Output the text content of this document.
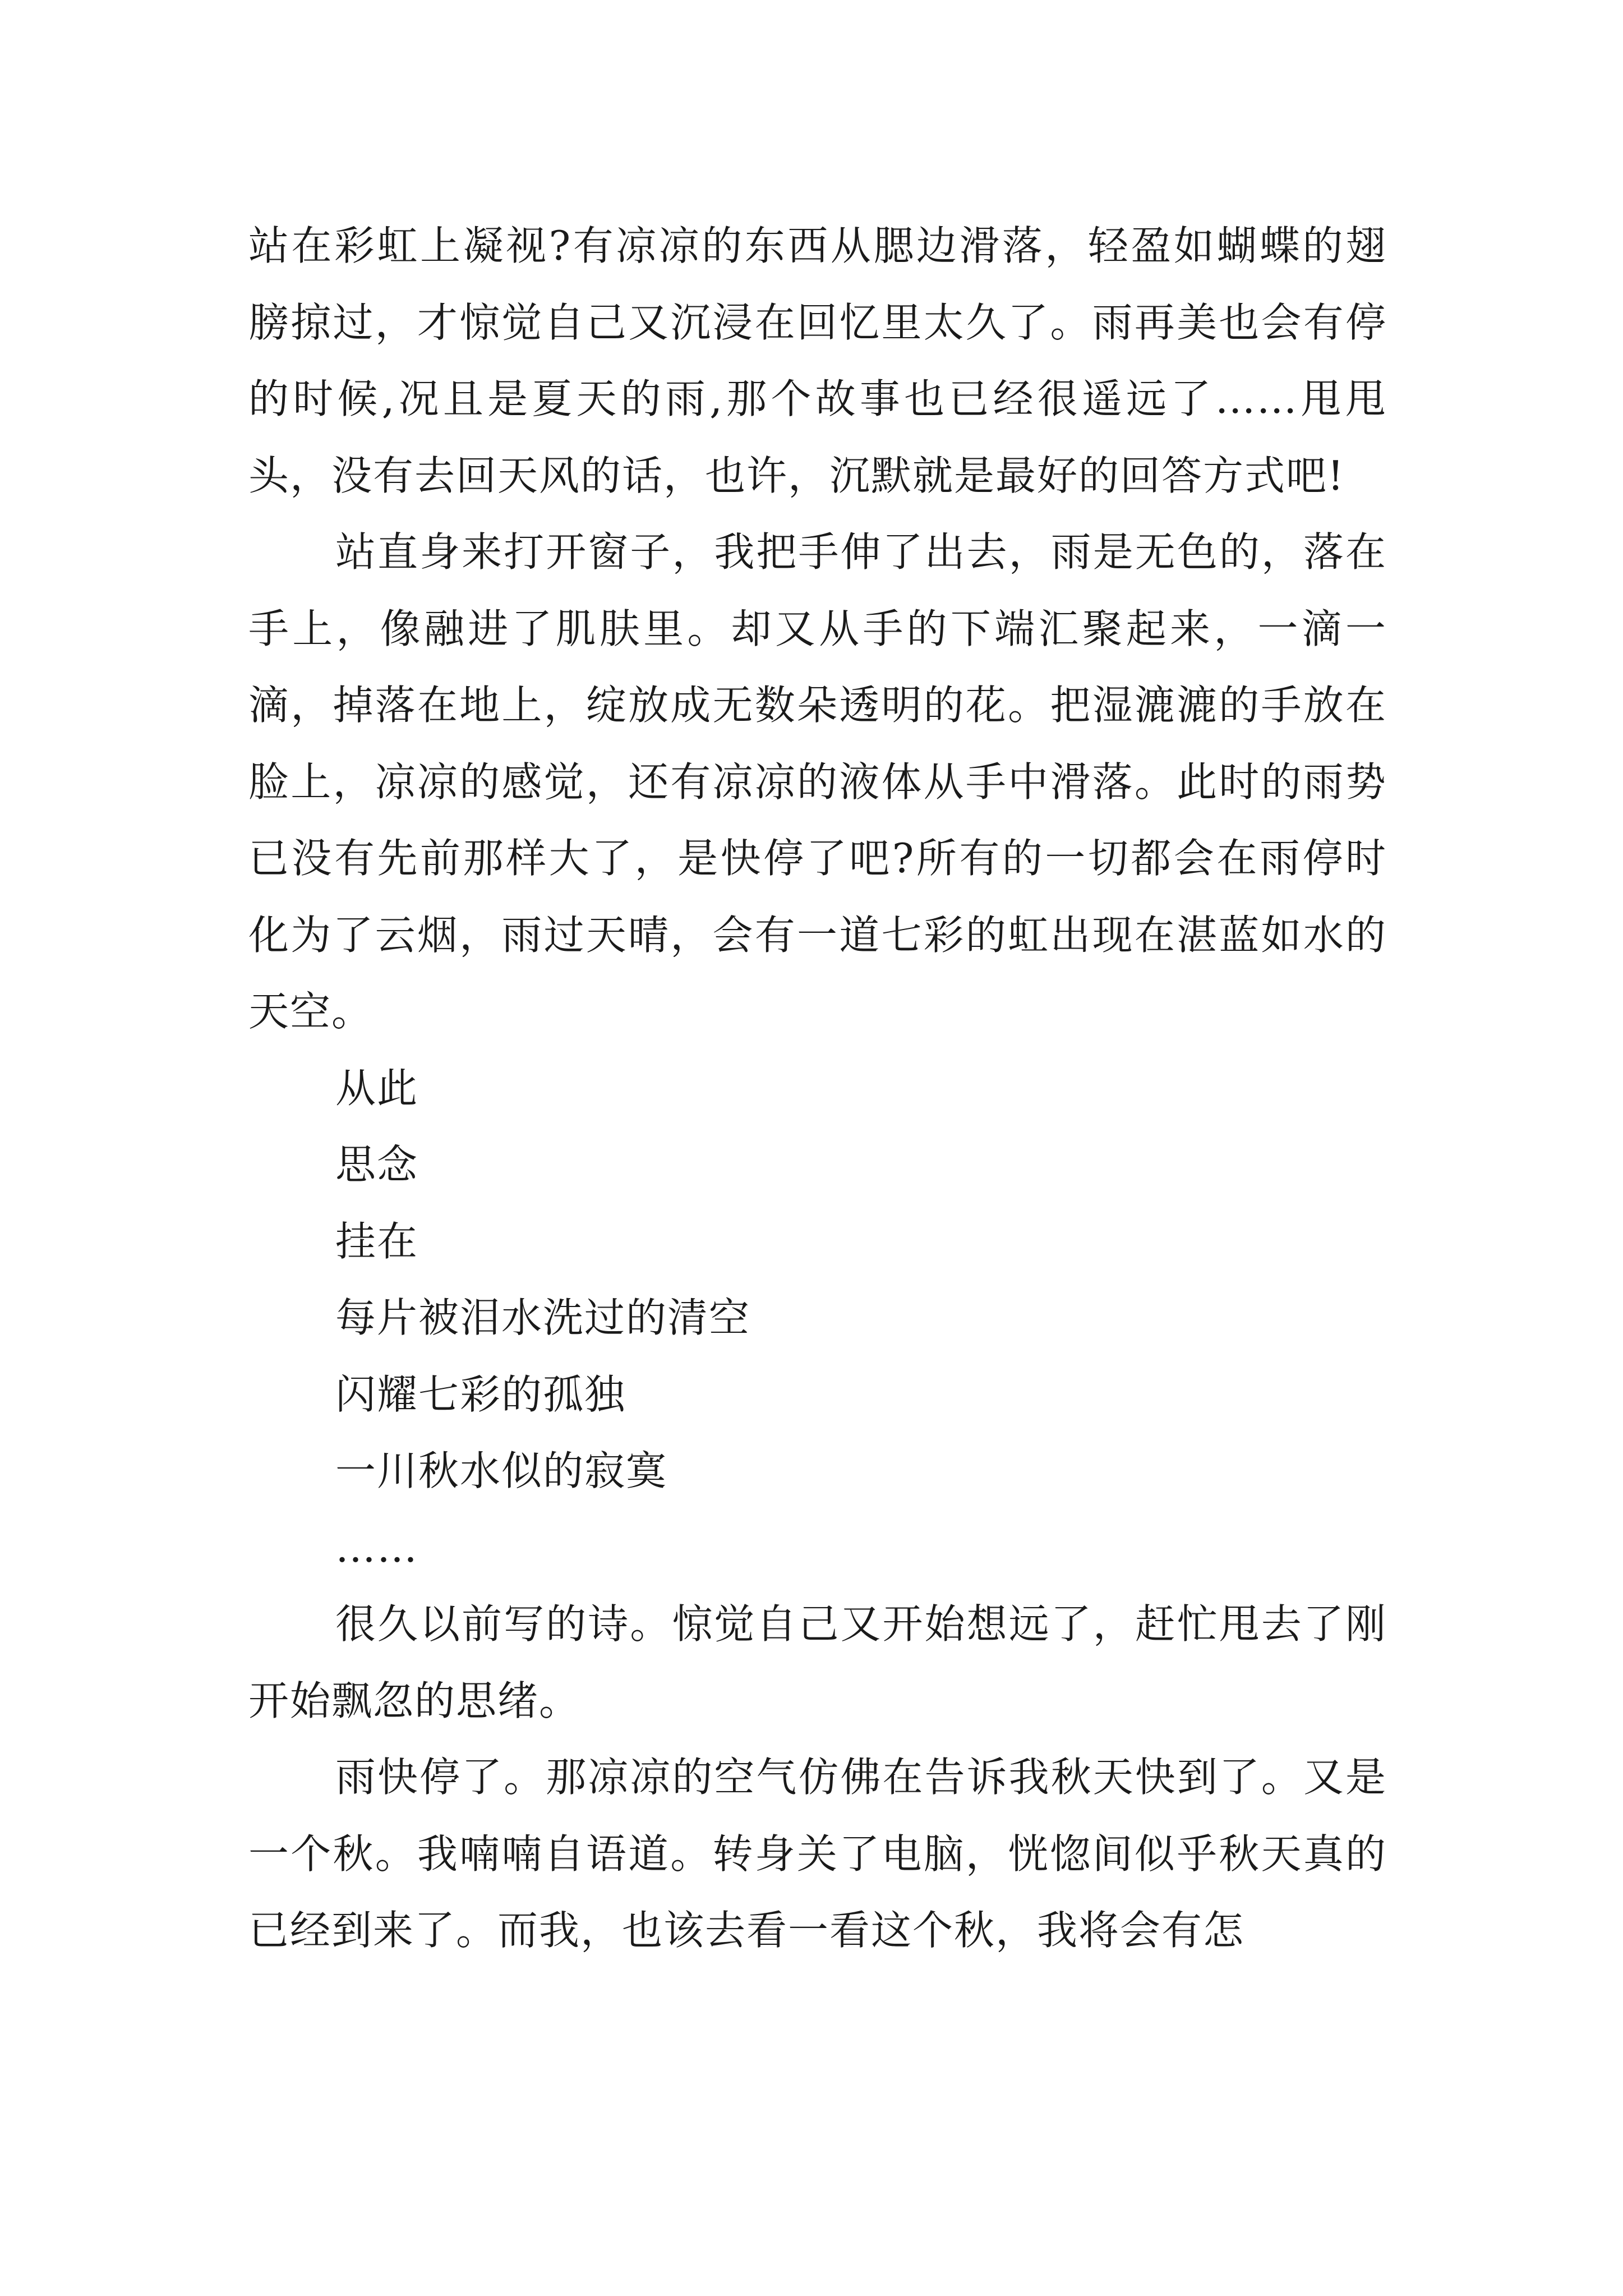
站在彩虹上凝视?有凉凉的东西从腮边滑落，轻盈如蝴蝶的翅膀掠过，才惊觉自己又沉浸在回忆里太久了。雨再美也会有停的时候,况且是夏天的雨,那个故事也已经很遥远了……甩甩头，没有去回天风的话，也许，沉默就是最好的回答方式吧!

站直身来打开窗子，我把手伸了出去，雨是无色的，落在手上，像融进了肌肤里。却又从手的下端汇聚起来，一滴一滴，掉落在地上，绽放成无数朵透明的花。把湿漉漉的手放在脸上，凉凉的感觉，还有凉凉的液体从手中滑落。此时的雨势已没有先前那样大了，是快停了吧?所有的一切都会在雨停时化为了云烟，雨过天晴，会有一道七彩的虹出现在湛蓝如水的天空。

从此

思念

挂在

每片被泪水洗过的清空

闪耀七彩的孤独

一川秋水似的寂寞

……

很久以前写的诗。惊觉自己又开始想远了，赶忙甩去了刚开始飘忽的思绪。

雨快停了。那凉凉的空气仿佛在告诉我秋天快到了。又是一个秋。我喃喃自语道。转身关了电脑，恍惚间似乎秋天真的已经到来了。而我，也该去看一看这个秋，我将会有怎
